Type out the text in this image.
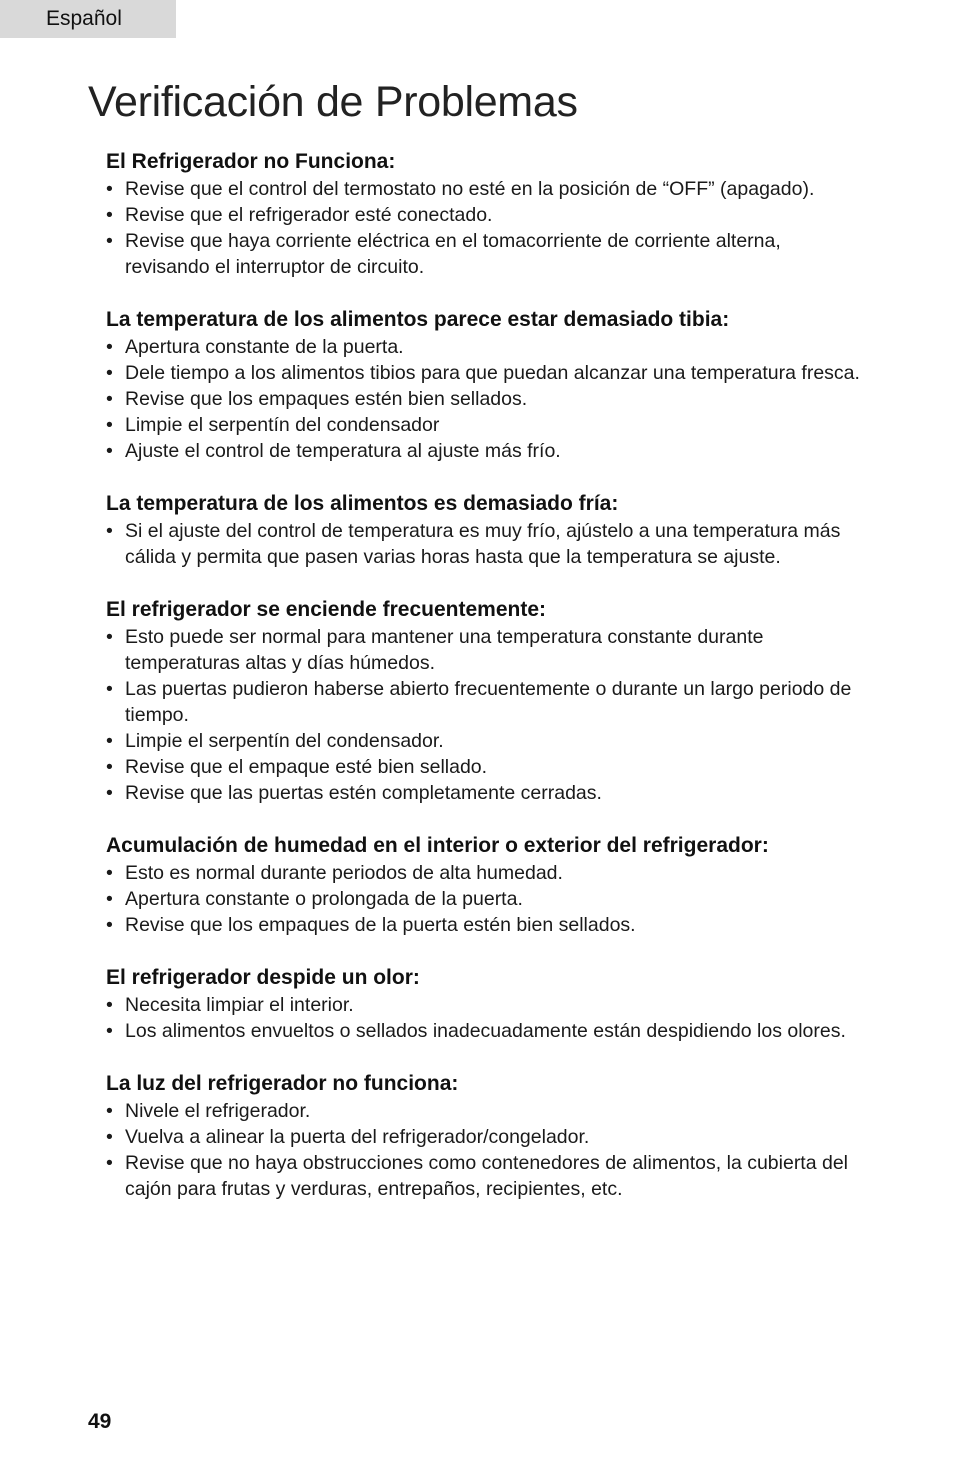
Español
Verificación de Problemas
El Refrigerador no Funciona:
• Revise que el control del termostato no esté en la posición de “OFF” (apagado).
• Revise que el refrigerador esté conectado.
• Revise que haya corriente eléctrica en el tomacorriente de corriente alterna, revisando el interruptor de circuito.
La temperatura de los alimentos parece estar demasiado tibia:
• Apertura constante de la puerta.
• Dele tiempo a los alimentos tibios para que puedan alcanzar una temperatura fresca.
• Revise que los empaques estén bien sellados.
• Limpie el serpentín del condensador
• Ajuste el control de temperatura al ajuste más frío.
La temperatura de los alimentos es demasiado fría:
• Si el ajuste del control de temperatura es muy frío, ajústelo a una temperatura más cálida y permita que pasen varias horas hasta que la temperatura se ajuste.
El refrigerador se enciende frecuentemente:
• Esto puede ser normal para mantener una temperatura constante durante temperaturas altas y días húmedos.
• Las puertas pudieron haberse abierto frecuentemente o durante un largo periodo de tiempo.
• Limpie el serpentín del condensador.
• Revise que el empaque esté bien sellado.
• Revise que las puertas estén completamente cerradas.
Acumulación de humedad en el interior o exterior del refrigerador:
• Esto es normal durante periodos de alta humedad.
• Apertura constante o prolongada de la puerta.
• Revise que los empaques de la puerta estén bien sellados.
El refrigerador despide un olor:
• Necesita limpiar el interior.
• Los alimentos envueltos o sellados inadecuadamente están despidiendo los olores.
La luz del refrigerador no funciona:
• Nivele el refrigerador.
• Vuelva a alinear la puerta del refrigerador/congelador.
• Revise que no haya obstrucciones como contenedores de alimentos, la cubierta del cajón para frutas y verduras, entrepaños, recipientes, etc.
49
